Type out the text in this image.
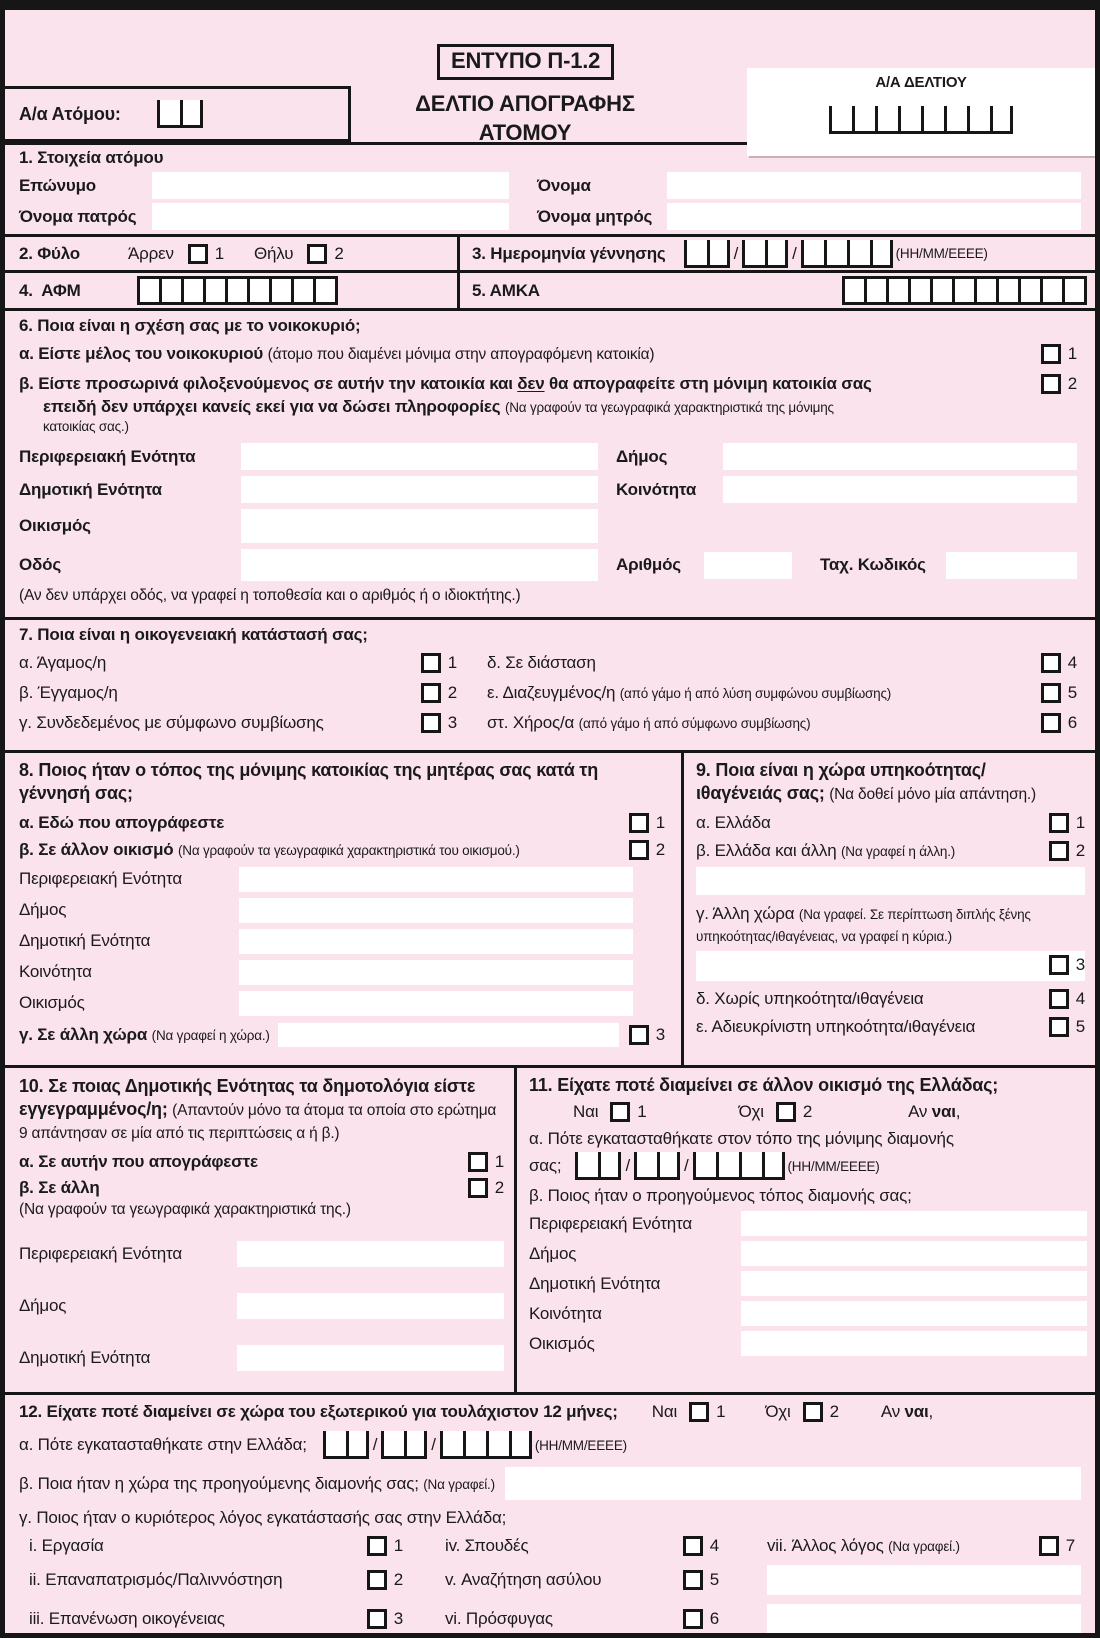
Α/α Ατόμου:
ΕΝΤΥΠΟ Π-1.2
ΔΕΛΤΙΟ ΑΠΟΓΡΑΦΗΣ
ΑΤΟΜΟΥ
Α/Α ΔΕΛΤΙΟΥ
1. Στοιχεία ατόμου
Επώνυμο	Όνομα
Όνομα πατρός	Όνομα μητρός
2. Φύλο	Άρρεν 1 Θήλυ 2	3. Ημερομηνία γέννησης	/	/	(ΗΗ/ΜΜ/ΕΕΕΕ)
4.  ΑΦΜ	5. ΑΜΚΑ
6. Ποια είναι η σχέση σας με το νοικοκυριό;
α. Είστε μέλος του νοικοκυριού (άτομο που διαμένει μόνιμα στην απογραφόμενη κατοικία)	1
β. Είστε προσωρινά φιλοξενούμενος σε αυτήν την κατοικία και δεν θα απογραφείτε στη μόνιμη κατοικία σας	2
επειδή δεν υπάρχει κανείς εκεί για να δώσει πληροφορίες (Να γραφούν τα γεωγραφικά χαρακτηριστικά της μόνιμης
κατοικίας σας.)
Περιφερειακή Ενότητα	Δήμος
Δημοτική Ενότητα	Κοινότητα
Οικισμός
Οδός	Αριθμός	Ταχ. Κωδικός
(Αν δεν υπάρχει οδός, να γραφεί η τοποθεσία και ο αριθμός ή ο ιδιοκτήτης.)
7. Ποια είναι η οικογενειακή κατάστασή σας;
α. Άγαμος/η	1 δ. Σε διάσταση	4
β. Έγγαμος/η	2 ε. Διαζευγμένος/η (από γάμο ή από λύση συμφώνου συμβίωσης)	5
γ. Συνδεδεμένος με σύμφωνο συμβίωσης	3 στ. Χήρος/α (από γάμο ή από σύμφωνο συμβίωσης)	6
8. Ποιος ήταν ο τόπος της μόνιμης κατοικίας της μητέρας σας κατά τη γέννησή σας;
α. Εδώ που απογράφεστε	1
β. Σε άλλον οικισμό (Να γραφούν τα γεωγραφικά χαρακτηριστικά του οικισμού.)	2
Περιφερειακή Ενότητα
Δήμος
Δημοτική Ενότητα
Κοινότητα
Οικισμός
γ. Σε άλλη χώρα (Να γραφεί η χώρα.)	3
9. Ποια είναι η χώρα υπηκοότητας/
ιθαγένειάς σας; (Να δοθεί μόνο μία απάντηση.)
α. Ελλάδα	1
β. Ελλάδα και άλλη (Να γραφεί η άλλη.)	2
γ. Άλλη χώρα (Να γραφεί. Σε περίπτωση διπλής ξένης υπηκοότητας/ιθαγένειας, να γραφεί η κύρια.)
3
δ. Χωρίς υπηκοότητα/ιθαγένεια	4
ε. Αδιευκρίνιστη υπηκοότητα/ιθαγένεια	5
10. Σε ποιας Δημοτικής Ενότητας τα δημοτολόγια είστε εγγεγραμμένος/η; (Απαντούν μόνο τα άτομα τα οποία στο ερώτημα 9 απάντησαν σε μία από τις περιπτώσεις α ή β.)
α. Σε αυτήν που απογράφεστε	1
β. Σε άλλη	2
(Να γραφούν τα γεωγραφικά χαρακτηριστικά της.)
Περιφερειακή Ενότητα
Δήμος
Δημοτική Ενότητα
11. Είχατε ποτέ διαμείνει σε άλλον οικισμό της Ελλάδας;
Ναι 1	Όχι 2	Αν ναι,
α. Πότε εγκατασταθήκατε στον τόπο της μόνιμης διαμονής
σας;	/	/	(ΗΗ/ΜΜ/ΕΕΕΕ)
β. Ποιος ήταν ο προηγούμενος τόπος διαμονής σας;
Περιφερειακή Ενότητα
Δήμος
Δημοτική Ενότητα
Κοινότητα
Οικισμός
12. Είχατε ποτέ διαμείνει σε χώρα του εξωτερικού για τουλάχιστον 12 μήνες; Ναι 1 Όχι 2 Αν ναι,
α. Πότε εγκατασταθήκατε στην Ελλάδα;	/	/	(ΗΗ/ΜΜ/ΕΕΕΕ)
β. Ποια ήταν η χώρα της προηγούμενης διαμονής σας; (Να γραφεί.)
γ. Ποιος ήταν ο κυριότερος λόγος εγκατάστασής σας στην Ελλάδα;
i. Εργασία	1 iv. Σπουδές	4	vii. Άλλος λόγος (Να γραφεί.)	7
ii. Επαναπατρισμός/Παλιννόστηση	2 v. Αναζήτηση ασύλου	5
iii. Επανένωση οικογένειας	3 vi. Πρόσφυγας	6
